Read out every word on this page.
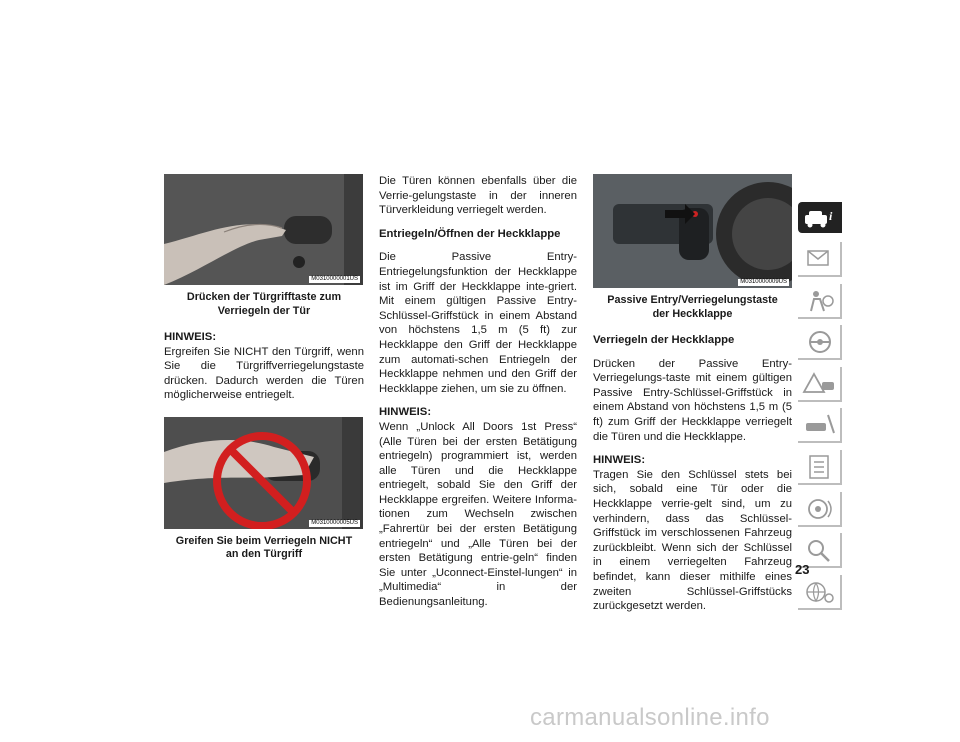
M0310000001US
Drücken der Türgrifftaste zum Verriegeln der Tür

HINWEIS:
Ergreifen Sie NICHT den Türgriff, wenn Sie die Türgriffverriegelungstaste drücken. Dadurch werden die Türen möglicherweise entriegelt.

M0310000005US
Greifen Sie beim Verriegeln NICHT an den Türgriff

Die Türen können ebenfalls über die Verrie-gelungstaste in der inneren Türverkleidung verriegelt werden.

Entriegeln/Öffnen der Heckklappe

Die Passive Entry-Entriegelungsfunktion der Heckklappe ist im Griff der Heckklappe inte-griert. Mit einem gültigen Passive Entry-Schlüssel-Griffstück in einem Abstand von höchstens 1,5 m (5 ft) zur Heckklappe den Griff der Heckklappe zum automati-schen Entriegeln der Heckklappe nehmen und den Griff der Heckklappe ziehen, um sie zu öffnen.

HINWEIS:
Wenn „Unlock All Doors 1st Press“ (Alle Türen bei der ersten Betätigung entriegeln) programmiert ist, werden alle Türen und die Heckklappe entriegelt, sobald Sie den Griff der Heckklappe ergreifen. Weitere Informa-tionen zum Wechseln zwischen „Fahrertür bei der ersten Betätigung entriegeln“ und „Alle Türen bei der ersten Betätigung entrie-geln“ finden Sie unter „Uconnect-Einstel-lungen“ in „Multimedia“ in der Bedienungsanleitung.

M0310000009US
Passive Entry/Verriegelungstaste der Heckklappe

Verriegeln der Heckklappe

Drücken der Passive Entry-Verriegelungs-taste mit einem gültigen Passive Entry-Schlüssel-Griffstück in einem Abstand von höchstens 1,5 m (5 ft) zum Griff der Heckklappe verriegelt die Türen und die Heckklappe.

HINWEIS:
Tragen Sie den Schlüssel stets bei sich, sobald eine Tür oder die Heckklappe verrie-gelt sind, um zu verhindern, dass das Schlüssel-Griffstück im verschlossenen Fahrzeug zurückbleibt. Wenn sich der Schlüssel in einem verriegelten Fahrzeug befindet, kann dieser mithilfe eines zweiten Schlüssel-Griffstücks zurückgesetzt werden.

i
23
carmanualsonline.info
